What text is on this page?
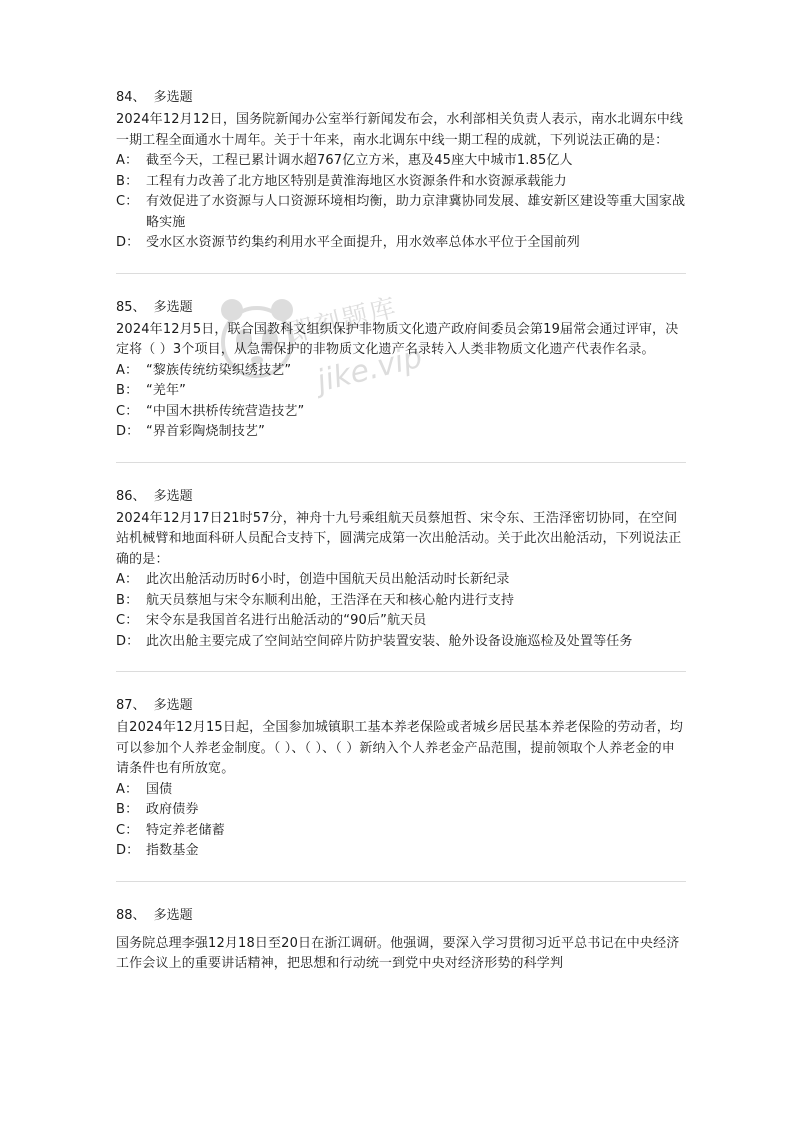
即刻题库
jike.vip
84、 多选题
2024年12月12日，国务院新闻办公室举行新闻发布会，水利部相关负责人表示，南水北调东中线一期工程全面通水十周年。关于十年来，南水北调东中线一期工程的成就，下列说法正确的是：
A： 截至今天，工程已累计调水超767亿立方米，惠及45座大中城市1.85亿人
B： 工程有力改善了北方地区特别是黄淮海地区水资源条件和水资源承载能力
C： 有效促进了水资源与人口资源环境相均衡，助力京津冀协同发展、雄安新区建设等重大国家战略实施
D： 受水区水资源节约集约利用水平全面提升，用水效率总体水平位于全国前列
85、 多选题
2024年12月5日，联合国教科文组织保护非物质文化遗产政府间委员会第19届常会通过评审，决定将（ ）3个项目，从急需保护的非物质文化遗产名录转入人类非物质文化遗产代表作名录。
A： “黎族传统纺染织绣技艺”
B： “羌年”
C： “中国木拱桥传统营造技艺”
D： “界首彩陶烧制技艺”
86、 多选题
2024年12月17日21时57分，神舟十九号乘组航天员蔡旭哲、宋令东、王浩泽密切协同，在空间站机械臂和地面科研人员配合支持下，圆满完成第一次出舱活动。关于此次出舱活动，下列说法正确的是：
A： 此次出舱活动历时6小时，创造中国航天员出舱活动时长新纪录
B： 航天员蔡旭与宋令东顺利出舱，王浩泽在天和核心舱内进行支持
C： 宋令东是我国首名进行出舱活动的“90后”航天员
D： 此次出舱主要完成了空间站空间碎片防护装置安装、舱外设备设施巡检及处置等任务
87、 多选题
自2024年12月15日起，全国参加城镇职工基本养老保险或者城乡居民基本养老保险的劳动者，均可以参加个人养老金制度。（ ）、（ ）、（ ）新纳入个人养老金产品范围，提前领取个人养老金的申请条件也有所放宽。
A： 国债
B： 政府债券
C： 特定养老储蓄
D： 指数基金
88、 多选题
国务院总理李强12月18日至20日在浙江调研。他强调，要深入学习贯彻习近平总书记在中央经济工作会议上的重要讲话精神，把思想和行动统一到党中央对经济形势的科学判
